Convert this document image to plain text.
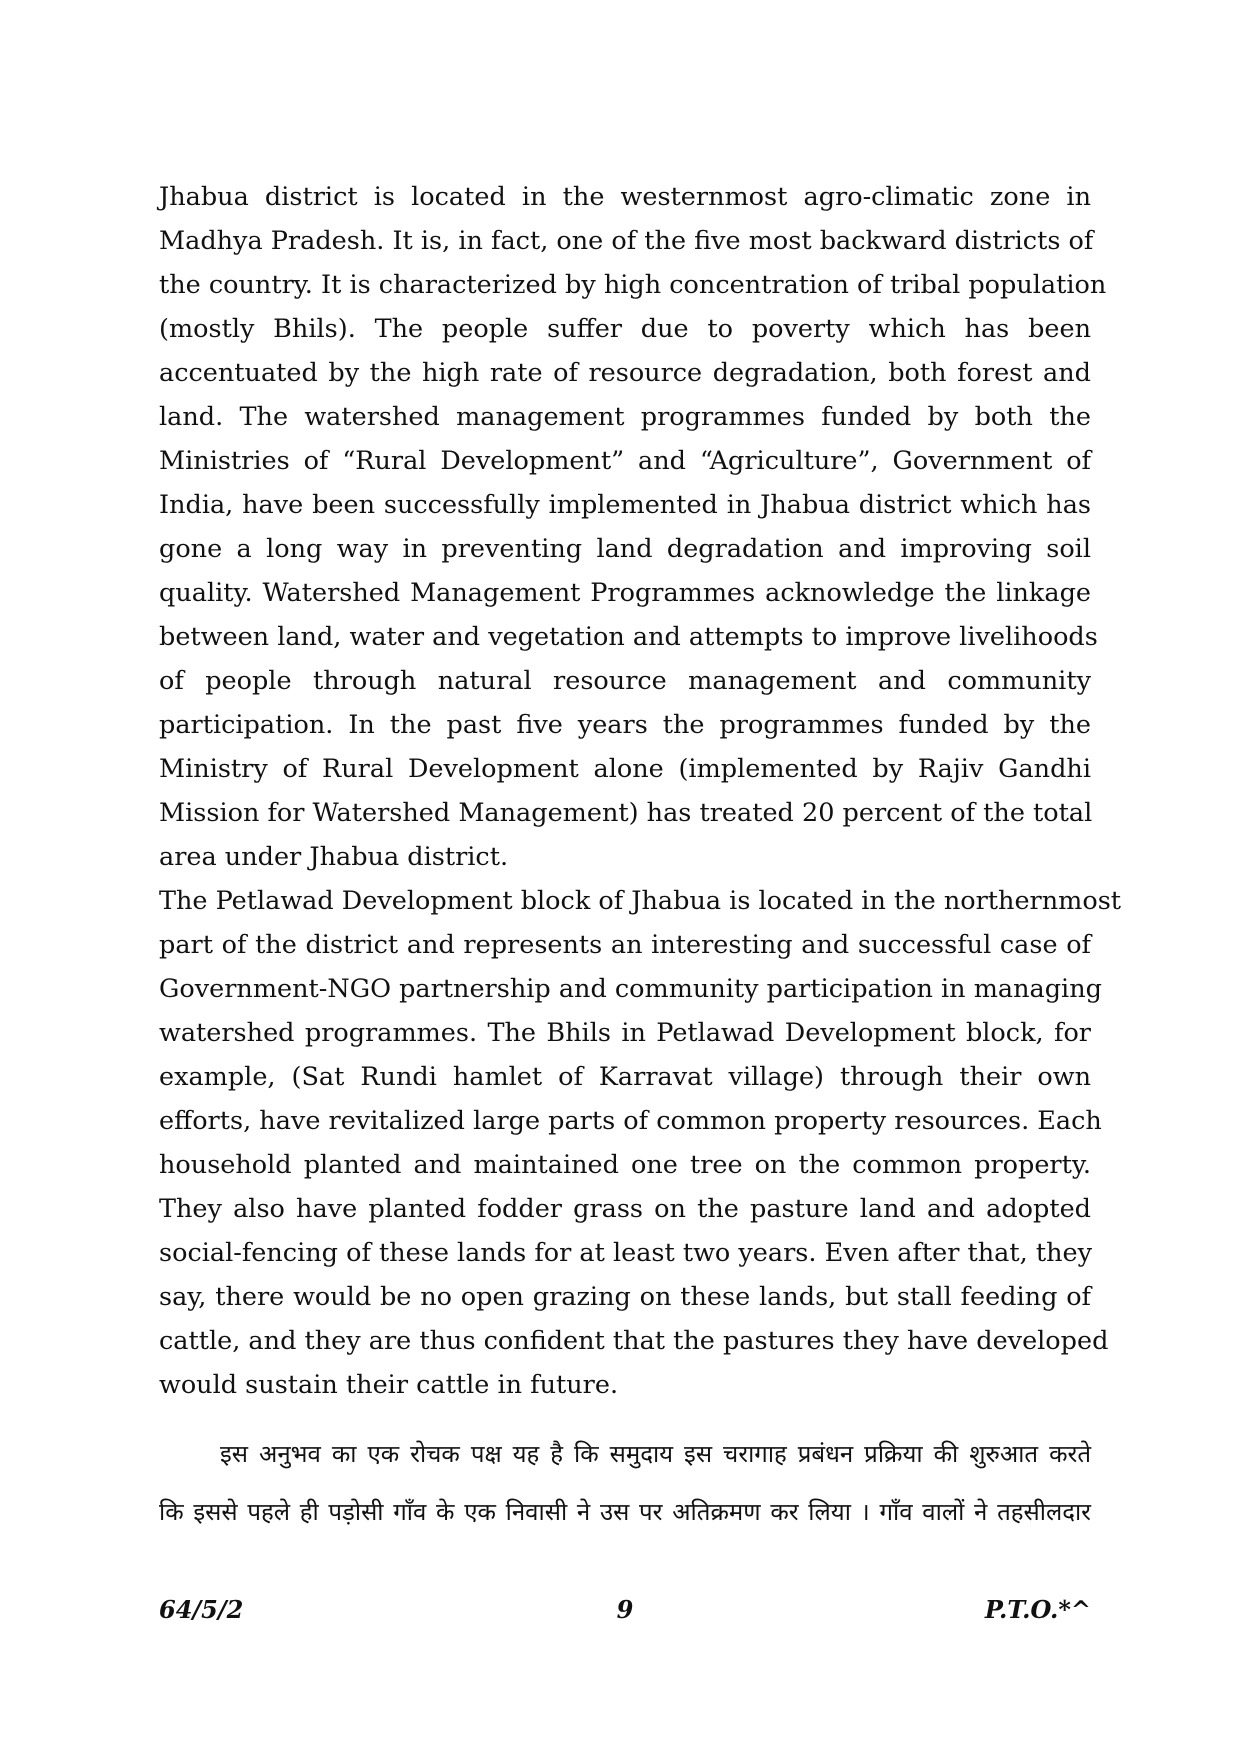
Jhabua district is located in the westernmost agro-climatic zone in
Madhya Pradesh. It is, in fact, one of the five most backward districts of
the country. It is characterized by high concentration of tribal population
(mostly Bhils). The people suffer due to poverty which has been
accentuated by the high rate of resource degradation, both forest and
land. The watershed management programmes funded by both the
Ministries of “Rural Development” and “Agriculture”, Government of
India, have been successfully implemented in Jhabua district which has
gone a long way in preventing land degradation and improving soil
quality. Watershed Management Programmes acknowledge the linkage
between land, water and vegetation and attempts to improve livelihoods
of people through natural resource management and community
participation. In the past five years the programmes funded by the
Ministry of Rural Development alone (implemented by Rajiv Gandhi
Mission for Watershed Management) has treated 20 percent of the total
area under Jhabua district.
The Petlawad Development block of Jhabua is located in the northernmost
part of the district and represents an interesting and successful case of
Government-NGO partnership and community participation in managing
watershed programmes. The Bhils in Petlawad Development block, for
example, (Sat Rundi hamlet of Karravat village) through their own
efforts, have revitalized large parts of common property resources. Each
household planted and maintained one tree on the common property.
They also have planted fodder grass on the pasture land and adopted
social-fencing of these lands for at least two years. Even after that, they
say, there would be no open grazing on these lands, but stall feeding of
cattle, and they are thus confident that the pastures they have developed
would sustain their cattle in future.
इस अनुभव का एक रोचक पक्ष यह है कि समुदाय इस चरागाह प्रबंधन प्रक्रिया की शुरुआत करते
कि इससे पहले ही पड़ोसी गाँव के एक निवासी ने उस पर अतिक्रमण कर लिया । गाँव वालों ने तहसीलदार
64/5/2	9	P.T.O.*^
